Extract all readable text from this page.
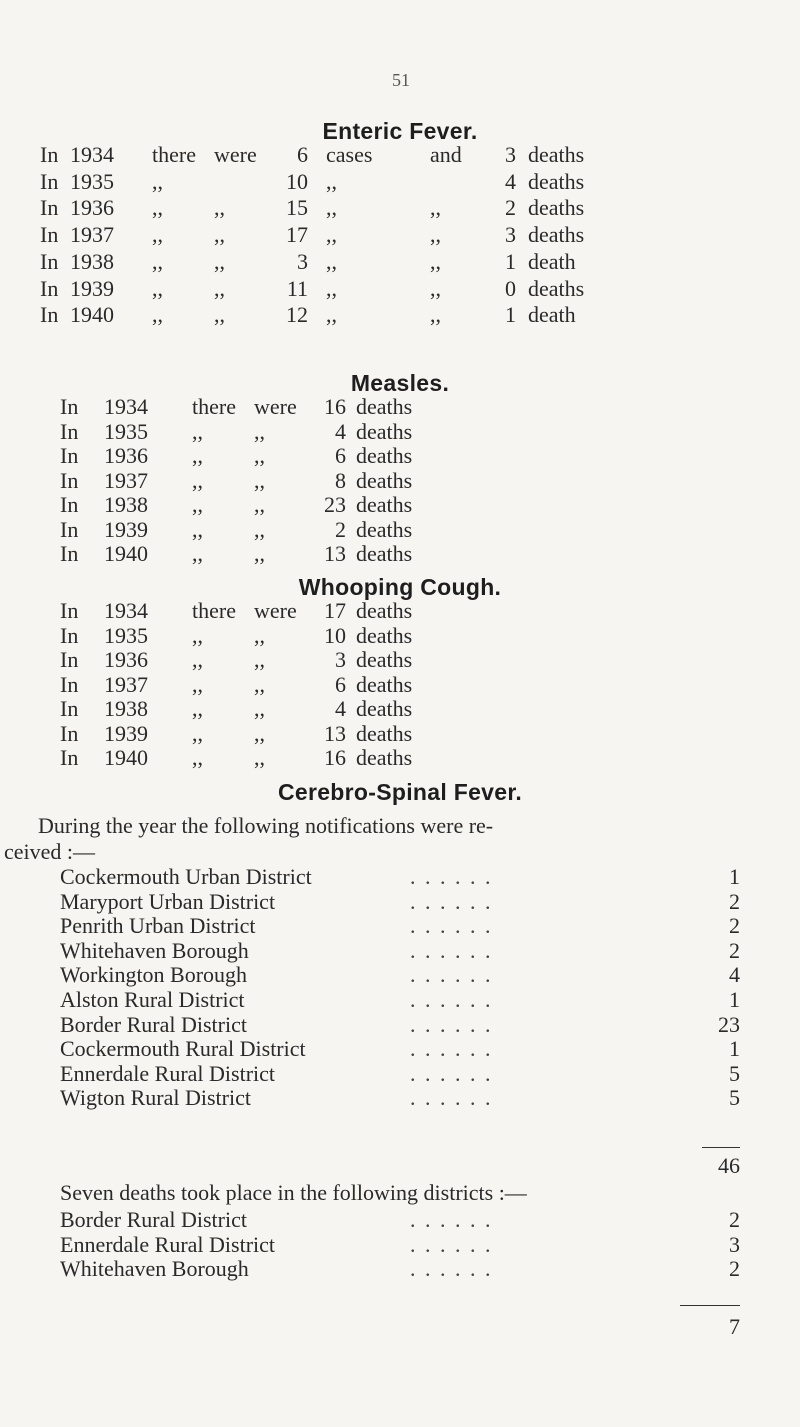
51
Enteric Fever.
In 1934 there were	6 cases	and 3 deaths
In 1935 ,,	10 ,,	4 deaths
In 1936 ,, ,,	15 ,,	,,	2 deaths
In 1937 ,, ,,	17 ,,	,,	3 deaths
In 1938 ,, ,,	3 ,,	,,	1 death
In 1939 ,, ,,	11 ,,	,,	0 deaths
In 1940 ,, ,,	12 ,,	,,	1 death
Measles.
In 1934 there were	16 deaths
In 1935 ,, ,,	4 deaths
In 1936 ,, ,,	6 deaths
In 1937 ,, ,,	8 deaths
In 1938 ,, ,,	23 deaths
In 1939 ,, ,,	2 deaths
In 1940 ,, ,,	13 deaths
Whooping Cough.
In 1934 there were	17 deaths
In 1935 ,, ,,	10 deaths
In 1936 ,, ,,	3 deaths
In 1937 ,, ,,	6 deaths
In 1938 ,, ,,	4 deaths
In 1939 ,, ,,	13 deaths
In 1940 ,, ,,	16 deaths
Cerebro-Spinal Fever.
During the year the following notifications were re-
ceived :—
Cockermouth Urban District	. . . . . .	1
Maryport Urban District	. . . . . .	2
Penrith Urban District	. . . . . .	2
Whitehaven Borough	. . . . . .	2
Workington Borough	. . . . . .	4
Alston Rural District	. . . . . .	1
Border Rural District	. . . . . .	23
Cockermouth Rural District	. . . . . .	1
Ennerdale Rural District	. . . . . .	5
Wigton Rural District	. . . . . .	5
46
Seven deaths took place in the following districts :—
Border Rural District	. . . . . .	2
Ennerdale Rural District	. . . . . .	3
Whitehaven Borough	. . . . . .	2
7
